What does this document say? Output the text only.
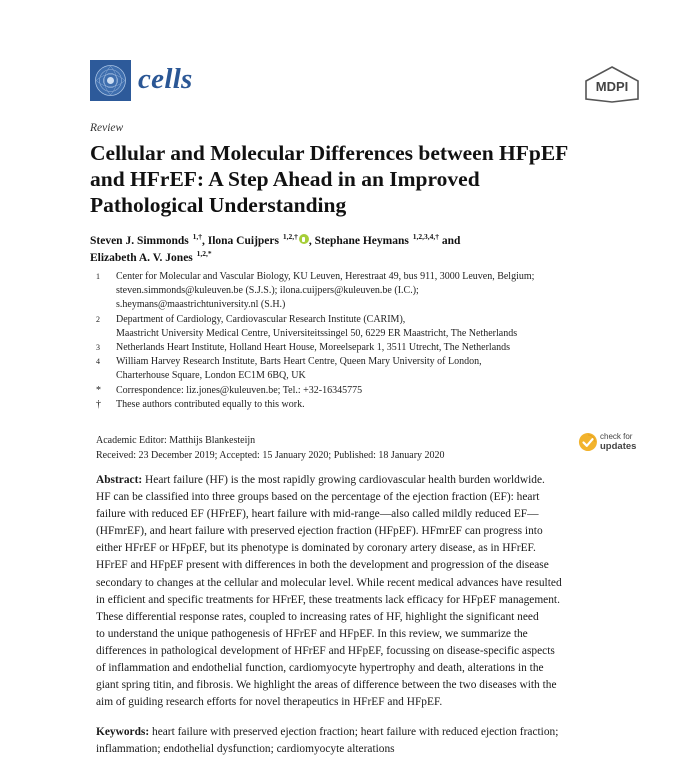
cells	MDPI
Review
Cellular and Molecular Differences between HFpEF
and HFrEF: A Step Ahead in an Improved
Pathological Understanding
Steven J. Simmonds $^{1,\dagger}$, Ilona Cuijpers $^{1,2,\dagger}$ , Stephane Heymans $^{1,2,3,4,\dagger}$ and
Elizabeth A. V. Jones $^{1,2,*}$
1	Center for Molecular and Vascular Biology, KU Leuven, Herestraat 49, bus 911, 3000 Leuven, Belgium;
steven.simmonds@kuleuven.be (S.J.S.); ilona.cuijpers@kuleuven.be (I.C.);
s.heymans@maastrichtuniversity.nl (S.H.)
2	Department of Cardiology, Cardiovascular Research Institute (CARIM),
Maastricht University Medical Centre, Universiteitssingel 50, 6229 ER Maastricht, The Netherlands
3	Netherlands Heart Institute, Holland Heart House, Moreelsepark 1, 3511 Utrecht, The Netherlands
4	William Harvey Research Institute, Barts Heart Centre, Queen Mary University of London,
Charterhouse Square, London EC1M 6BQ, UK
*	Correspondence: liz.jones@kuleuven.be; Tel.: +32-16345775
†	These authors contributed equally to this work.
Academic Editor: Matthijs Blankesteijn
Received: 23 December 2019; Accepted: 15 January 2020; Published: 18 January 2020
check for
updates
Abstract: Heart failure (HF) is the most rapidly growing cardiovascular health burden worldwide.
HF can be classified into three groups based on the percentage of the ejection fraction (EF): heart
failure with reduced EF (HFrEF), heart failure with mid-range—also called mildly reduced EF—
(HFmrEF), and heart failure with preserved ejection fraction (HFpEF). HFmrEF can progress into
either HFrEF or HFpEF, but its phenotype is dominated by coronary artery disease, as in HFrEF.
HFrEF and HFpEF present with differences in both the development and progression of the disease
secondary to changes at the cellular and molecular level. While recent medical advances have resulted
in efficient and specific treatments for HFrEF, these treatments lack efficacy for HFpEF management.
These differential response rates, coupled to increasing rates of HF, highlight the significant need
to understand the unique pathogenesis of HFrEF and HFpEF. In this review, we summarize the
differences in pathological development of HFrEF and HFpEF, focussing on disease-specific aspects
of inflammation and endothelial function, cardiomyocyte hypertrophy and death, alterations in the
giant spring titin, and fibrosis. We highlight the areas of difference between the two diseases with the
aim of guiding research efforts for novel therapeutics in HFrEF and HFpEF.
Keywords: heart failure with preserved ejection fraction; heart failure with reduced ejection fraction;
inflammation; endothelial dysfunction; cardiomyocyte alterations
